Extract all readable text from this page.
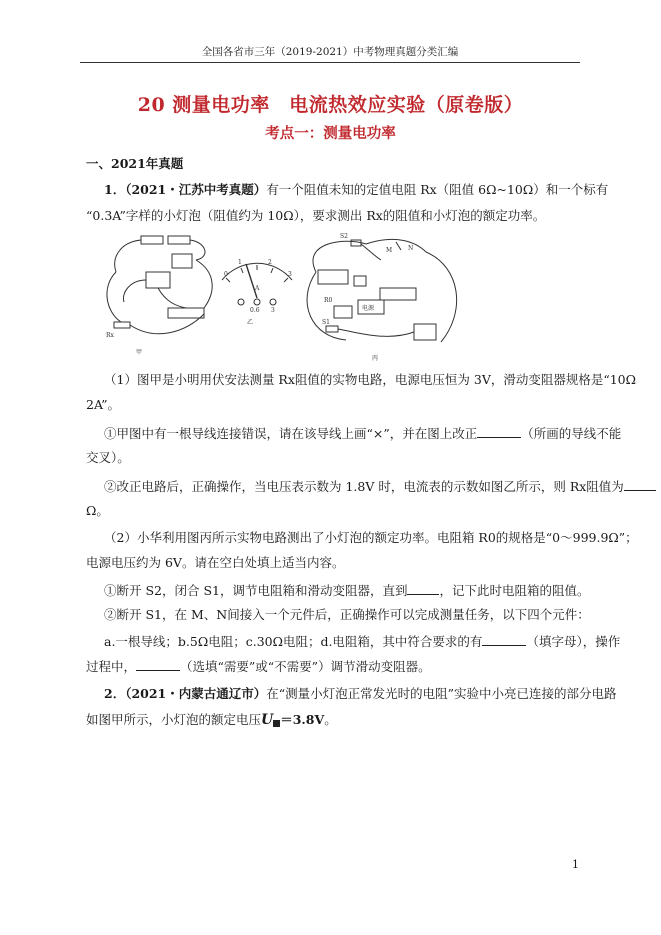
全国各省市三年（2019-2021）中考物理真题分类汇编
20 测量电功率　电流热效应实验（原卷版）
考点一：测量电功率
一、2021年真题
1．（2021・江苏中考真题）有一个阻值未知的定值电阻 Rx（阻值 6Ω~10Ω）和一个标有
“0.3A”字样的小灯泡（阻值约为 10Ω），要求测出 Rx的阻值和小灯泡的额定功率。
Rx
甲
0
1	2
3
A
0.6 3
乙
S2
M	N
R0
电源
S1
丙
（1）图甲是小明用伏安法测量 Rx阻值的实物电路，电源电压恒为 3V，滑动变阻器规格是“10Ω
2A”。
①甲图中有一根导线连接错误，请在该导线上画“×”，并在图上改正	（所画的导线不能
交叉）。
②改正电路后，正确操作，当电压表示数为 1.8V 时，电流表的示数如图乙所示，则 Rx阻值为
Ω。
（2）小华利用图丙所示实物电路测出了小灯泡的额定功率。电阻箱 R0的规格是“0～999.9Ω”；
电源电压约为 6V。请在空白处填上适当内容。
①断开 S2，闭合 S1，调节电阻箱和滑动变阻器，直到	，记下此时电阻箱的阻值。
②断开 S1，在 M、N间接入一个元件后，正确操作可以完成测量任务，以下四个元件：
a.一根导线；b.5Ω电阻；c.30Ω电阻；d.电阻箱，其中符合要求的有	（填字母），操作
过程中，	（选填“需要”或“不需要”）调节滑动变阻器。
2．（2021・内蒙古通辽市）在“测量小灯泡正常发光时的电阻”实验中小亮已连接的部分电路
如图甲所示，小灯泡的额定电压U ＝3.8V。
1
